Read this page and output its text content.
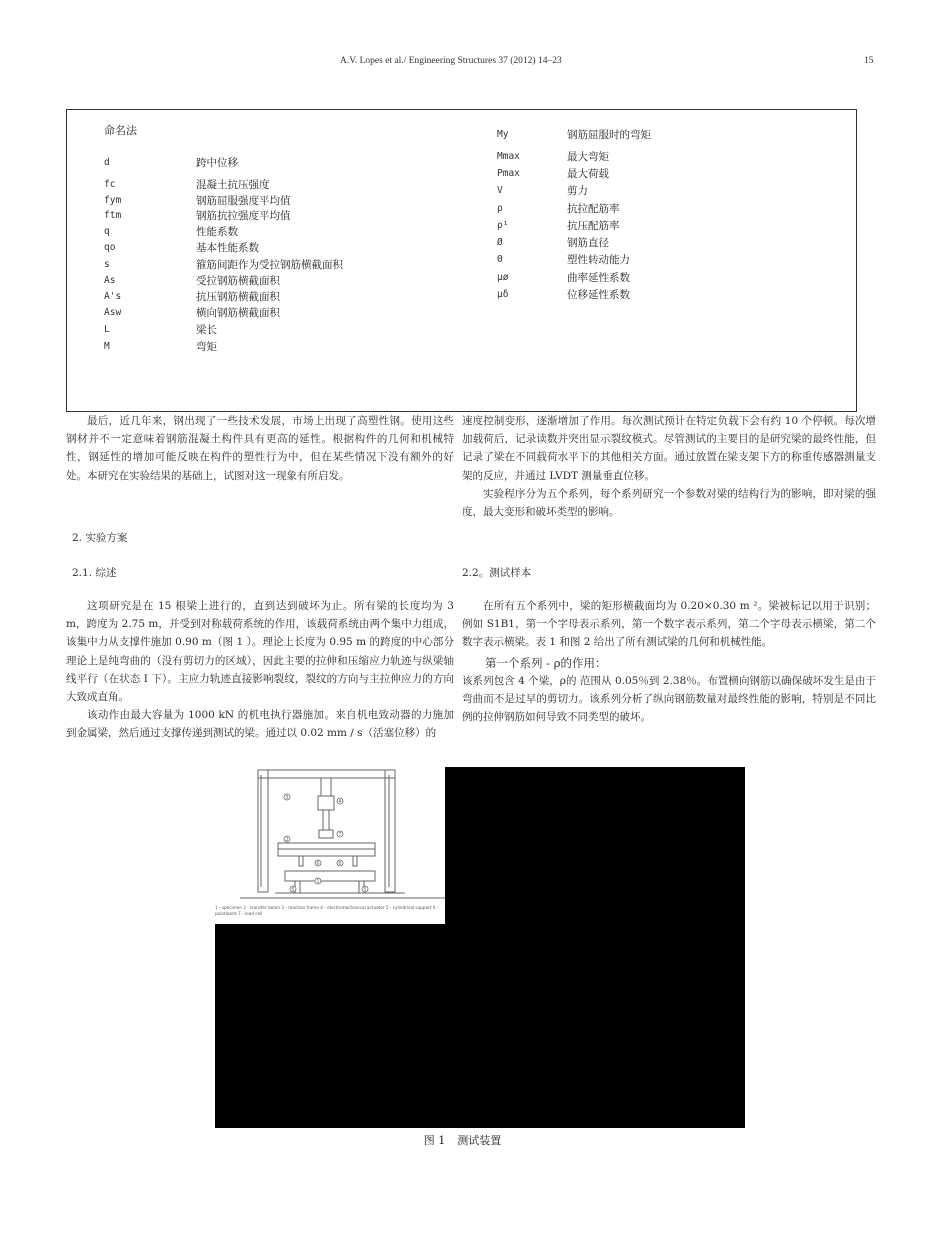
A.V. Lopes et al./ Engineering Structures 37 (2012) 14–23	15
命名法
d	跨中位移
fc	混凝土抗压强度
fym	钢筋屈服强度平均值
ftm	钢筋抗拉强度平均值
q	性能系数
qo	基本性能系数
s	箍筋间距作为受拉钢筋横截面积
As	受拉钢筋横截面积
A's	抗压钢筋横截面积
Asw	横向钢筋横截面积
L	梁长
M	弯矩
My	钢筋屈服时的弯矩
Mmax	最大弯矩
Pmax	最大荷载
V	剪力
ρ	抗拉配筋率
ρ¹	抗压配筋率
Ø	钢筋直径
Θ	塑性转动能力
μø	曲率延性系数
μδ	位移延性系数

最后，近几年来，钢出现了一些技术发展，市场上出现了高塑性钢。使用这些钢材并不一定意味着钢筋混凝土构件具有更高的延性。根据构件的几何和机械特性，钢延性的增加可能反映在构件的塑性行为中，但在某些情况下没有额外的好处。本研究在实验结果的基础上，试图对这一现象有所启发。

2. 实验方案
2.1. 综述

这项研究是在 15 根梁上进行的，直到达到破坏为止。所有梁的长度均为 3 m，跨度为 2.75 m，并受到对称载荷系统的作用，该载荷系统由两个集中力组成，该集中力从支撑件施加 0.90 m（图 1 ）。理论上长度为 0.95 m 的跨度的中心部分理论上是纯弯曲的（没有剪切力的区域），因此主要的拉伸和压缩应力轨迹与纵梁轴线平行（在状态 I 下）。主应力轨迹直接影响裂纹，裂纹的方向与主拉伸应力的方向大致成直角。

该动作由最大容量为 1000 kN 的机电执行器施加。来自机电致动器的力施加到金属梁，然后通过支撑传递到测试的梁。通过以 0.02 mm / s（活塞位移）的

速度控制变形，逐渐增加了作用。每次测试预计在特定负载下会有约 10 个停顿。每次增加载荷后，记录读数并突出显示裂纹模式。尽管测试的主要目的是研究梁的最终性能，但记录了梁在不同载荷水平下的其他相关方面。通过放置在梁支架下方的称重传感器测量支架的反应，并通过 LVDT 测量垂直位移。

实验程序分为五个系列，每个系列研究一个参数对梁的结构行为的影响，即对梁的强度，最大变形和破坏类型的影响。

2.2。测试样本

在所有五个系列中，梁的矩形横截面均为 0.20×0.30 m ²。梁被标记以用于识别；例如 S1B1，第一个字母表示系列，第一个数字表示系列，第二个字母表示横梁，第二个数字表示横梁。表 1 和图 2 给出了所有测试梁的几何和机械性能。

第一个系列 - ρ的作用：

该系列包含 4 个梁，ρ的 范围从 0.05％到 2.38％。布置横向钢筋以确保破坏发生是由于弯曲而不是过早的剪切力。该系列分析了纵向钢筋数量对最终性能的影响，特别是不同比例的拉伸钢筋如何导致不同类型的破坏。

3
4
7
2
6	6
1
5	5
1 - specimen 2 - transfer beam 3 - reaction frame 4 - electromechanical actuator 5 - cylindrical support 6 - pointloads 7 - load cell
图 1 测试装置
